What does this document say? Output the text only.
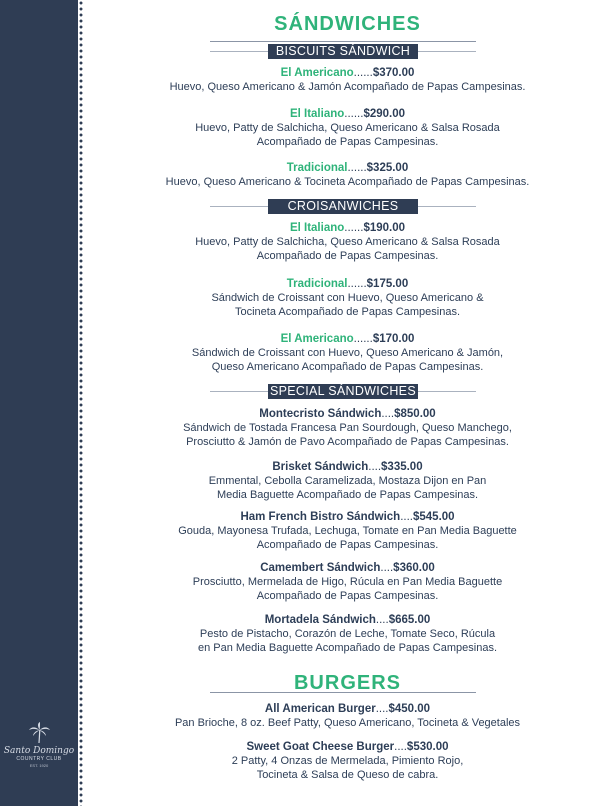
Santo Domingo
COUNTRY CLUB
EST. 1920
SÁNDWICHES
BISCUITS SÁNDWICH
El Americano......$370.00
Huevo, Queso Americano & Jamón Acompañado de Papas Campesinas.
El Italiano......$290.00
Huevo, Patty de Salchicha, Queso Americano & Salsa Rosada
Acompañado de Papas Campesinas.
Tradicional......$325.00
Huevo, Queso Americano & Tocineta Acompañado de Papas Campesinas.
CROISANWICHES
El Italiano......$190.00
Huevo, Patty de Salchicha, Queso Americano & Salsa Rosada
Acompañado de Papas Campesinas.
Tradicional......$175.00
Sándwich de Croissant con Huevo, Queso Americano &
Tocineta Acompañado de Papas Campesinas.
El Americano......$170.00
Sándwich de Croissant con Huevo, Queso Americano & Jamón,
Queso Americano Acompañado de Papas Campesinas.
SPECIAL SÁNDWICHES
Montecristo Sándwich....$850.00
Sándwich de Tostada Francesa Pan Sourdough, Queso Manchego,
Prosciutto & Jamón de Pavo Acompañado de Papas Campesinas.
Brisket Sándwich....$335.00
Emmental, Cebolla Caramelizada, Mostaza Dijon en Pan
Media Baguette Acompañado de Papas Campesinas.
Ham French Bistro Sándwich....$545.00
Gouda, Mayonesa Trufada, Lechuga, Tomate en Pan Media Baguette
Acompañado de Papas Campesinas.
Camembert Sándwich....$360.00
Prosciutto, Mermelada de Higo, Rúcula en Pan Media Baguette
Acompañado de Papas Campesinas.
Mortadela Sándwich....$665.00
Pesto de Pistacho, Corazón de Leche, Tomate Seco, Rúcula
en Pan Media Baguette Acompañado de Papas Campesinas.
BURGERS
All American Burger....$450.00
Pan Brioche, 8 oz. Beef Patty, Queso Americano, Tocineta & Vegetales
Sweet Goat Cheese Burger....$530.00
2 Patty, 4 Onzas de Mermelada, Pimiento Rojo,
Tocineta & Salsa de Queso de cabra.
